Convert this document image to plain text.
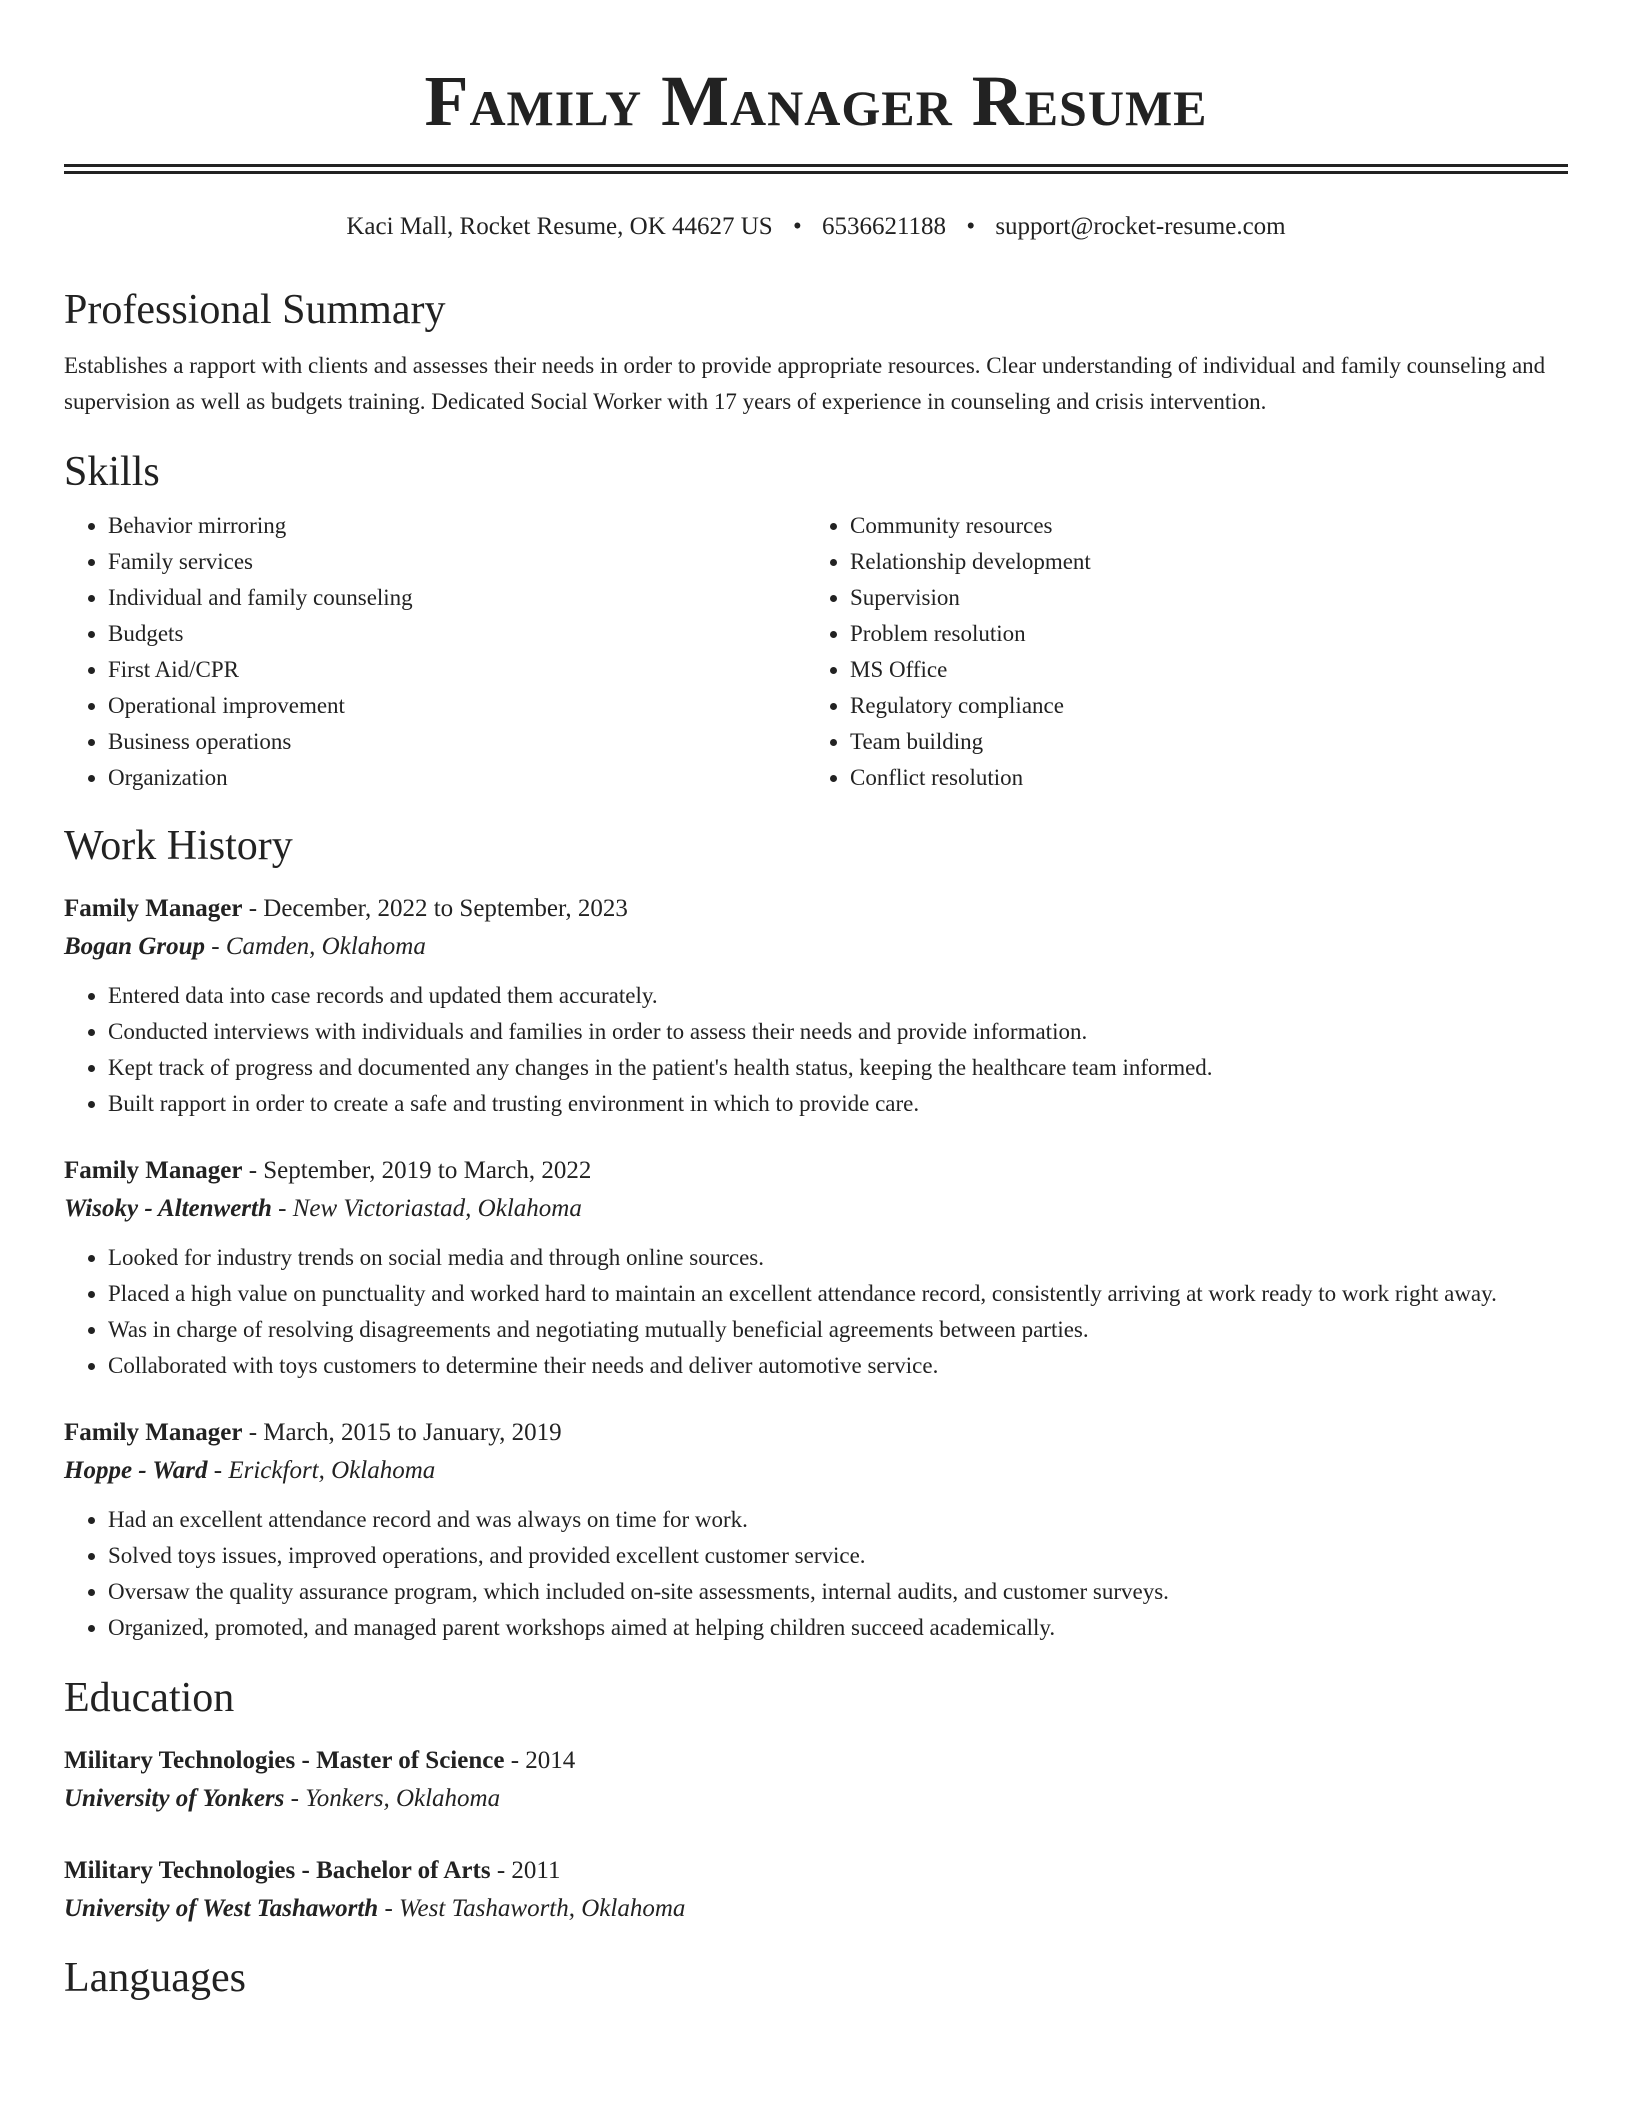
Family Manager Resume
Kaci Mall, Rocket Resume, OK 44627 US • 6536621188 • support@rocket-resume.com
Professional Summary

Establishes a rapport with clients and assesses their needs in order to provide appropriate resources. Clear understanding of individual and family counseling and supervision as well as budgets training. Dedicated Social Worker with 17 years of experience in counseling and crisis intervention.

Skills
• Behavior mirroring
• Family services
• Individual and family counseling
• Budgets
• First Aid/CPR
• Operational improvement
• Business operations
• Organization
• Community resources
• Relationship development
• Supervision
• Problem resolution
• MS Office
• Regulatory compliance
• Team building
• Conflict resolution
Work History
Family Manager - December, 2022 to September, 2023
Bogan Group - Camden, Oklahoma
• Entered data into case records and updated them accurately.
• Conducted interviews with individuals and families in order to assess their needs and provide information.
• Kept track of progress and documented any changes in the patient's health status, keeping the healthcare team informed.
• Built rapport in order to create a safe and trusting environment in which to provide care.
Family Manager - September, 2019 to March, 2022
Wisoky - Altenwerth - New Victoriastad, Oklahoma
• Looked for industry trends on social media and through online sources.
• Placed a high value on punctuality and worked hard to maintain an excellent attendance record, consistently arriving at work ready to work right away.
• Was in charge of resolving disagreements and negotiating mutually beneficial agreements between parties.
• Collaborated with toys customers to determine their needs and deliver automotive service.
Family Manager - March, 2015 to January, 2019
Hoppe - Ward - Erickfort, Oklahoma
• Had an excellent attendance record and was always on time for work.
• Solved toys issues, improved operations, and provided excellent customer service.
• Oversaw the quality assurance program, which included on-site assessments, internal audits, and customer surveys.
• Organized, promoted, and managed parent workshops aimed at helping children succeed academically.
Education
Military Technologies - Master of Science - 2014
University of Yonkers - Yonkers, Oklahoma
Military Technologies - Bachelor of Arts - 2011
University of West Tashaworth - West Tashaworth, Oklahoma
Languages
